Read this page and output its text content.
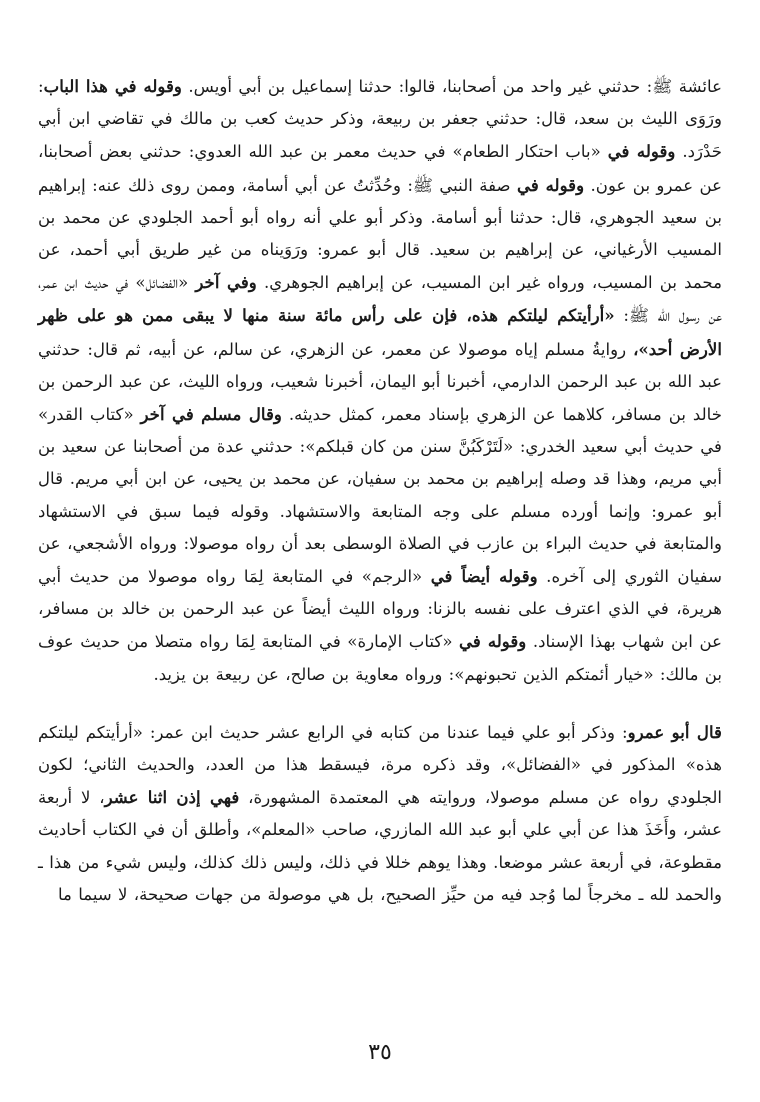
عائشة ﷺ: حدثني غير واحد من أصحابنا، قالوا: حدثنا إسماعيل بن أبي أويس. وقوله في هذا الباب: ورَوَى الليث بن سعد، قال: حدثني جعفر بن ربيعة، وذكر حديث كعب بن مالك في تقاضي ابن أبي حَدْرَد. وقوله في «باب احتكار الطعام» في حديث معمر بن عبد الله العدوي: حدثني بعض أصحابنا، عن عمرو بن عون. وقوله في صفة النبي ﷺ: وحُدِّثتُ عن أبي أسامة، وممن روى ذلك عنه: إبراهيم بن سعيد الجوهري، قال: حدثنا أبو أسامة. وذكر أبو علي أنه رواه أبو أحمد الجلودي عن محمد بن المسيب الأرغياني، عن إبراهيم بن سعيد. قال أبو عمرو: ورَوَيناه من غير طريق أبي أحمد، عن محمد بن المسيب، ورواه غير ابن المسيب، عن إبراهيم الجوهري. وفي آخر «الفضائل» في حديث ابن عمر، عن رسول الله ﷺ: «أرأيتكم ليلتكم هذه، فإن على رأس مائة سنة منها لا يبقى ممن هو على ظهر الأرض أحد»، روايةُ مسلم إياه موصولا عن معمر، عن الزهري، عن سالم، عن أبيه، ثم قال: حدثني عبد الله بن عبد الرحمن الدارمي، أخبرنا أبو اليمان، أخبرنا شعيب، ورواه الليث، عن عبد الرحمن بن خالد بن مسافر، كلاهما عن الزهري بإسناد معمر، كمثل حديثه. وقال مسلم في آخر «كتاب القدر» في حديث أبي سعيد الخدري: «لَتَرْكَبُنَّ سنن من كان قبلكم»: حدثني عدة من أصحابنا عن سعيد بن أبي مريم، وهذا قد وصله إبراهيم بن محمد بن سفيان، عن محمد بن يحيى، عن ابن أبي مريم. قال أبو عمرو: وإنما أورده مسلم على وجه المتابعة والاستشهاد. وقوله فيما سبق في الاستشهاد والمتابعة في حديث البراء بن عازب في الصلاة الوسطى بعد أن رواه موصولا: ورواه الأشجعي، عن سفيان الثوري إلى آخره. وقوله أيضاً في «الرجم» في المتابعة لِمَا رواه موصولا من حديث أبي هريرة، في الذي اعترف على نفسه بالزنا: ورواه الليث أيضاً عن عبد الرحمن بن خالد بن مسافر، عن ابن شهاب بهذا الإسناد. وقوله في «كتاب الإمارة» في المتابعة لِمَا رواه متصلا من حديث عوف بن مالك: «خيار أئمتكم الذين تحبونهم»: ورواه معاوية بن صالح، عن ربيعة بن يزيد.

قال أبو عمرو: وذكر أبو علي فيما عندنا من كتابه في الرابع عشر حديث ابن عمر: «أرأيتكم ليلتكم هذه» المذكور في «الفضائل»، وقد ذكره مرة، فيسقط هذا من العدد، والحديث الثاني؛ لكون الجلودي رواه عن مسلم موصولا، وروايته هي المعتمدة المشهورة، فهي إذن اثنا عشر، لا أربعة عشر، وأَخَذَ هذا عن أبي علي أبو عبد الله المازري، صاحب «المعلم»، وأطلق أن في الكتاب أحاديث مقطوعة، في أربعة عشر موضعا. وهذا يوهم خللا في ذلك، وليس ذلك كذلك، وليس شيء من هذا ـ والحمد لله ـ مخرجاً لما وُجد فيه من حيِّز الصحيح، بل هي موصولة من جهات صحيحة، لا سيما ما

٣٥
